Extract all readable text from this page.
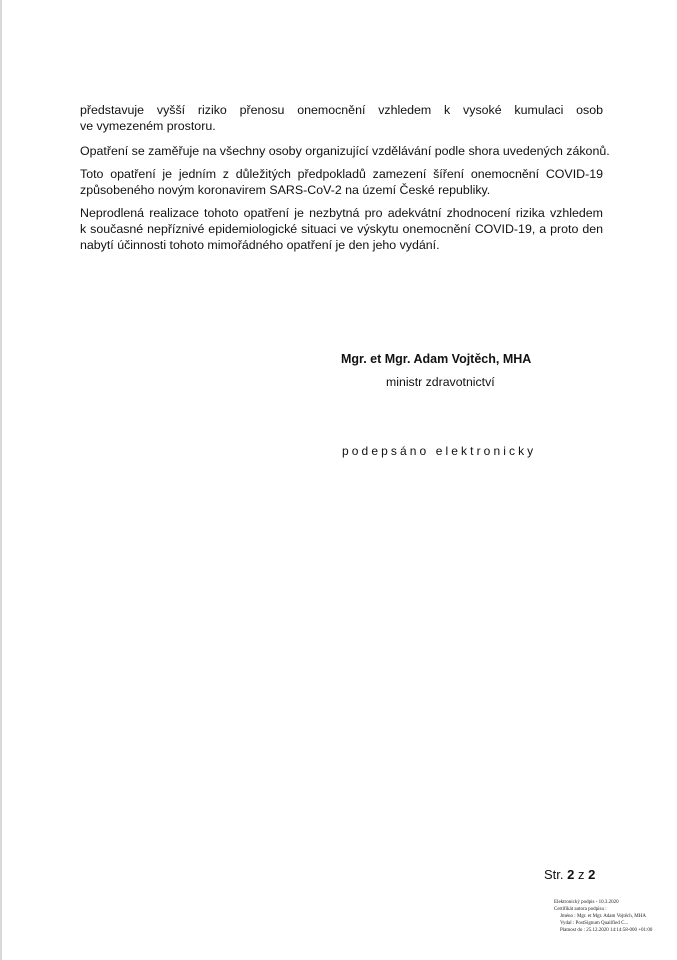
představuje vyšší riziko přenosu onemocnění vzhledem k vysoké kumulaci osob
ve vymezeném prostoru.

Opatření se zaměřuje na všechny osoby organizující vzdělávání podle shora uvedených zákonů.

Toto opatření je jedním z důležitých předpokladů zamezení šíření onemocnění COVID-19
způsobeného novým koronavirem SARS-CoV-2 na území České republiky.

Neprodlená realizace tohoto opatření je nezbytná pro adekvátní zhodnocení rizika vzhledem
k současné nepříznivé epidemiologické situaci ve výskytu onemocnění COVID-19, a proto den
nabytí účinnosti tohoto mimořádného opatření je den jeho vydání.

Mgr. et Mgr. Adam Vojtěch, MHA
ministr zdravotnictví
podepsáno elektronicky
Str. 2 z 2
Elektronický podpis - 10.3.2020
Certifikát autora podpisu :
Jméno : Mgr. et Mgr. Adam Vojtěch, MHA
Vydal : PostSignum Qualified C...
Platnost do : 25.12.2020 14:14:58-000 +01:00
